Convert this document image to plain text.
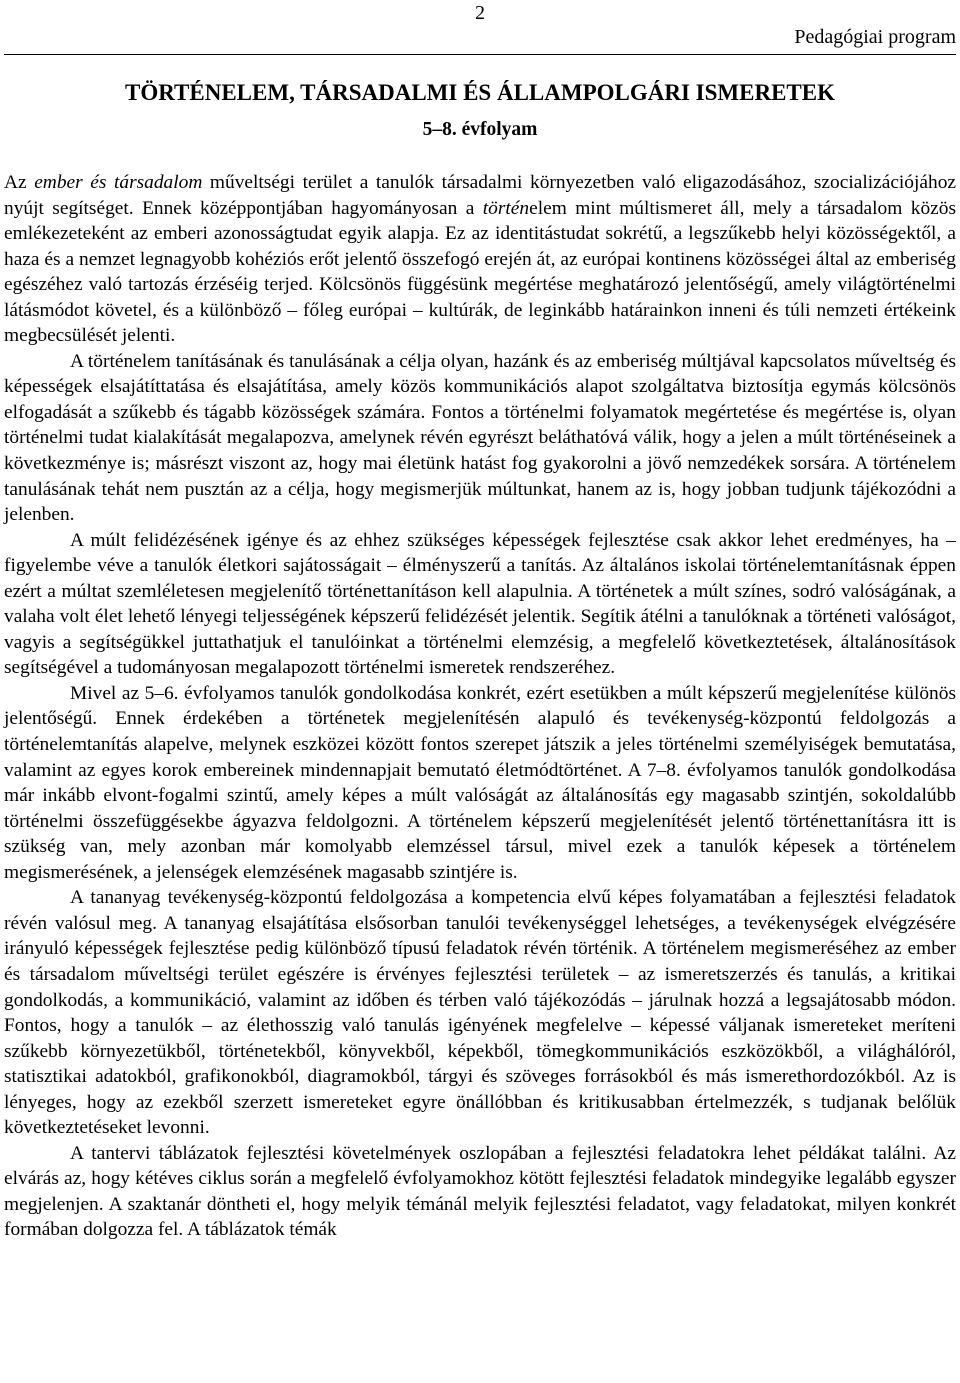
2
Pedagógiai program
TÖRTÉNELEM, TÁRSADALMI ÉS ÁLLAMPOLGÁRI ISMERETEK
5–8. évfolyam

Az ember és társadalom műveltségi terület a tanulók társadalmi környezetben való eligazodásához, szocializációjához nyújt segítséget. Ennek középpontjában hagyományosan a történelem mint múltismeret áll, mely a társadalom közös emlékezeteként az emberi azonosságtudat egyik alapja. Ez az identitástudat sokrétű, a legszűkebb helyi közösségektől, a haza és a nemzet legnagyobb kohéziós erőt jelentő összefogó erején át, az európai kontinens közösségei által az emberiség egészéhez való tartozás érzéséig terjed. Kölcsönös függésünk megértése meghatározó jelentőségű, amely világtörténelmi látásmódot követel, és a különböző – főleg európai – kultúrák, de leginkább határainkon inneni és túli nemzeti értékeink megbecsülését jelenti.

A történelem tanításának és tanulásának a célja olyan, hazánk és az emberiség múltjával kapcsolatos műveltség és képességek elsajátíttatása és elsajátítása, amely közös kommunikációs alapot szolgáltatva biztosítja egymás kölcsönös elfogadását a szűkebb és tágabb közösségek számára. Fontos a történelmi folyamatok megértetése és megértése is, olyan történelmi tudat kialakítását megalapozva, amelynek révén egyrészt beláthatóvá válik, hogy a jelen a múlt történéseinek a következménye is; másrészt viszont az, hogy mai életünk hatást fog gyakorolni a jövő nemzedékek sorsára. A történelem tanulásának tehát nem pusztán az a célja, hogy megismerjük múltunkat, hanem az is, hogy jobban tudjunk tájékozódni a jelenben.

A múlt felidézésének igénye és az ehhez szükséges képességek fejlesztése csak akkor lehet eredményes, ha – figyelembe véve a tanulók életkori sajátosságait – élményszerű a tanítás. Az általános iskolai történelemtanításnak éppen ezért a múltat szemléletesen megjelenítő történettanításon kell alapulnia. A történetek a múlt színes, sodró valóságának, a valaha volt élet lehető lényegi teljességének képszerű felidézését jelentik. Segítik átélni a tanulóknak a történeti valóságot, vagyis a segítségükkel juttathatjuk el tanulóinkat a történelmi elemzésig, a megfelelő következtetések, általánosítások segítségével a tudományosan megalapozott történelmi ismeretek rendszeréhez.

Mivel az 5–6. évfolyamos tanulók gondolkodása konkrét, ezért esetükben a múlt képszerű megjelenítése különös jelentőségű. Ennek érdekében a történetek megjelenítésén alapuló és tevékenység-központú feldolgozás a történelemtanítás alapelve, melynek eszközei között fontos szerepet játszik a jeles történelmi személyiségek bemutatása, valamint az egyes korok embereinek mindennapjait bemutató életmódtörténet. A 7–8. évfolyamos tanulók gondolkodása már inkább elvont-fogalmi szintű, amely képes a múlt valóságát az általánosítás egy magasabb szintjén, sokoldalúbb történelmi összefüggésekbe ágyazva feldolgozni. A történelem képszerű megjelenítését jelentő történettanításra itt is szükség van, mely azonban már komolyabb elemzéssel társul, mivel ezek a tanulók képesek a történelem megismerésének, a jelenségek elemzésének magasabb szintjére is.

A tananyag tevékenység-központú feldolgozása a kompetencia elvű képes folyamatában a fejlesztési feladatok révén valósul meg. A tananyag elsajátítása elsősorban tanulói tevékenységgel lehetséges, a tevékenységek elvégzésére irányuló képességek fejlesztése pedig különböző típusú feladatok révén történik. A történelem megismeréséhez az ember és társadalom műveltségi terület egészére is érvényes fejlesztési területek – az ismeretszerzés és tanulás, a kritikai gondolkodás, a kommunikáció, valamint az időben és térben való tájékozódás – járulnak hozzá a legsajátosabb módon. Fontos, hogy a tanulók – az élethosszig való tanulás igényének megfelelve – képessé váljanak ismereteket meríteni szűkebb környezetükből, történetekből, könyvekből, képekből, tömegkommunikációs eszközökből, a világhálóról, statisztikai adatokból, grafikonokból, diagramokból, tárgyi és szöveges forrásokból és más ismerethordozókból. Az is lényeges, hogy az ezekből szerzett ismereteket egyre önállóbban és kritikusabban értelmezzék, s tudjanak belőlük következtetéseket levonni.

A tantervi táblázatok fejlesztési követelmények oszlopában a fejlesztési feladatokra lehet példákat találni. Az elvárás az, hogy kétéves ciklus során a megfelelő évfolyamokhoz kötött fejlesztési feladatok mindegyike legalább egyszer megjelenjen. A szaktanár döntheti el, hogy melyik témánál melyik fejlesztési feladatot, vagy feladatokat, milyen konkrét formában dolgozza fel. A táblázatok témák
